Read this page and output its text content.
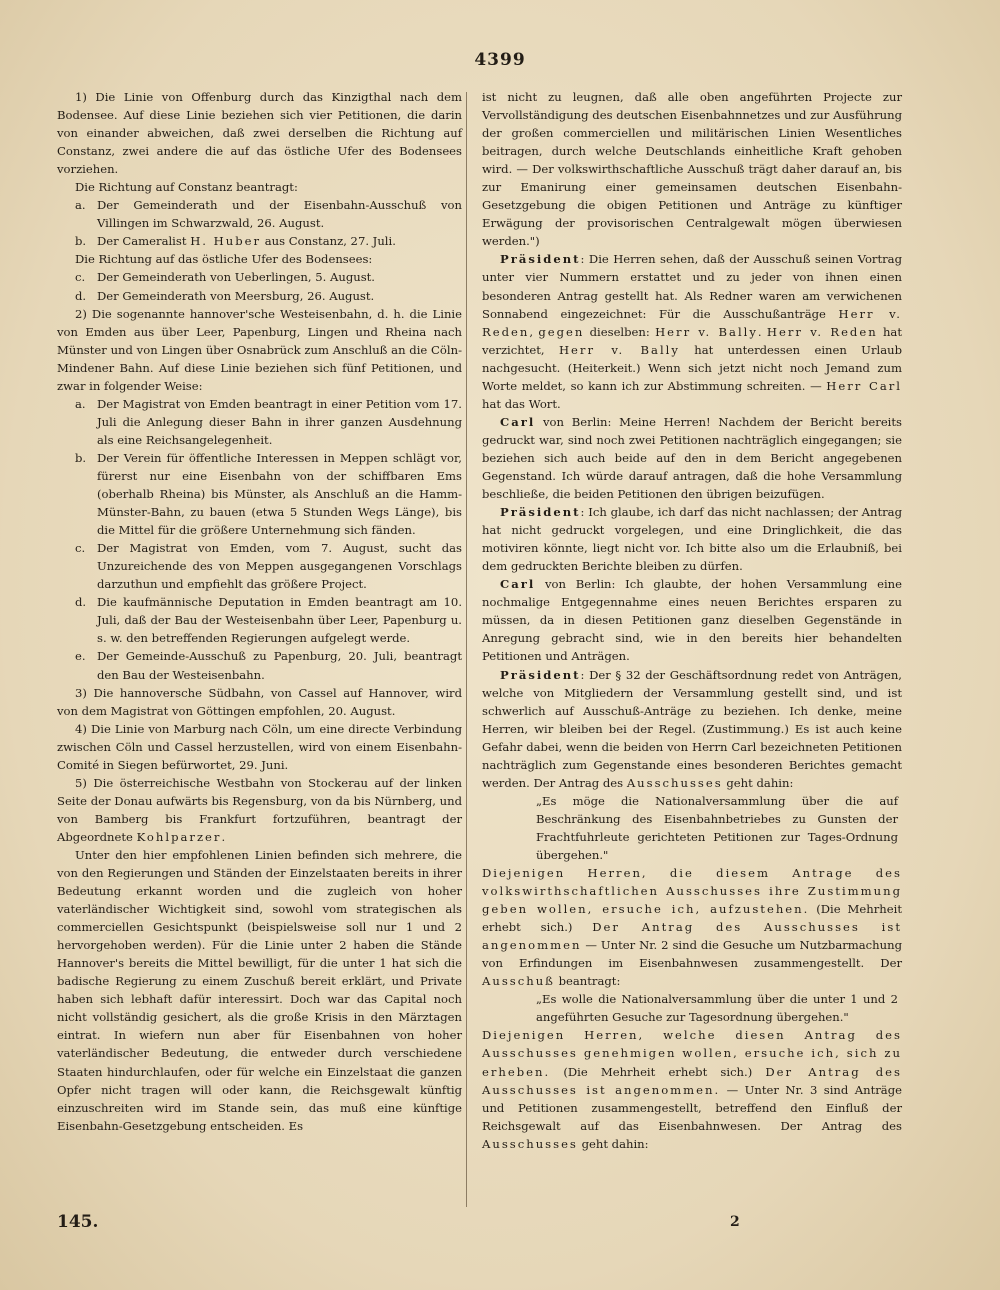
4399

1) Die Linie von Offenburg durch das Kinzigthal nach dem Bodensee. Auf diese Linie beziehen sich vier Petitionen, die darin von einander abweichen, daß zwei derselben die Richtung auf Constanz, zwei andere die auf das östliche Ufer des Bodensees vorziehen.

Die Richtung auf Constanz beantragt:

a. Der Gemeinderath und der Eisenbahn-Ausschuß von Villingen im Schwarzwald, 26. August.
b. Der Cameralist H. Huber aus Constanz, 27. Juli.

Die Richtung auf das östliche Ufer des Bodensees:

c.	Der Gemeinderath von Ueberlingen, 5. August.
d. Der Gemeinderath von Meersburg, 26. August.

2) Die sogenannte hannover'sche Westeisenbahn, d. h. die Linie von Emden aus über Leer, Papenburg, Lingen und Rheina nach Münster und von Lingen über Osnabrück zum Anschluß an die Cöln-Mindener Bahn. Auf diese Linie beziehen sich fünf Petitionen, und zwar in folgender Weise:

a. Der Magistrat von Emden beantragt in einer Petition vom 17. Juli die Anlegung dieser Bahn in ihrer ganzen Ausdehnung als eine Reichsangelegenheit.
b. Der Verein für öffentliche Interessen in Meppen schlägt vor, fürerst nur eine Eisenbahn von der schiffbaren Ems (oberhalb Rheina) bis Münster, als Anschluß an die Hamm-Münster-Bahn, zu bauen (etwa 5 Stunden Wegs Länge), bis die Mittel für die größere Unternehmung sich fänden.
c.	Der Magistrat von Emden, vom 7. August, sucht das Unzureichende des von Meppen ausgegangenen Vorschlags darzuthun und empfiehlt das größere Project.
d. Die kaufmännische Deputation in Emden beantragt am 10. Juli, daß der Bau der Westeisenbahn über Leer, Papenburg u. s. w. den betreffenden Regierungen aufgelegt werde.
e. Der Gemeinde-Ausschuß zu Papenburg, 20. Juli, beantragt den Bau der Westeisenbahn.

3) Die hannoversche Südbahn, von Cassel auf Hannover, wird von dem Magistrat von Göttingen empfohlen, 20. August.

4) Die Linie von Marburg nach Cöln, um eine directe Verbindung zwischen Cöln und Cassel herzustellen, wird von einem Eisenbahn-Comité in Siegen befürwortet, 29. Juni.

5) Die österreichische Westbahn von Stockerau auf der linken Seite der Donau aufwärts bis Regensburg, von da bis Nürnberg, und von Bamberg bis Frankfurt fortzuführen, beantragt der Abgeordnete Kohlparzer.

Unter den hier empfohlenen Linien befinden sich mehrere, die von den Regierungen und Ständen der Einzelstaaten bereits in ihrer Bedeutung erkannt worden und die zugleich von hoher vaterländischer Wichtigkeit sind, sowohl vom strategischen als commerciellen Gesichtspunkt (beispielsweise soll nur 1 und 2 hervorgehoben werden). Für die Linie unter 2 haben die Stände Hannover's bereits die Mittel bewilligt, für die unter 1 hat sich die badische Regierung zu einem Zuschuß bereit erklärt, und Private haben sich lebhaft dafür interessirt. Doch war das Capital noch nicht vollständig gesichert, als die große Krisis in den Märztagen eintrat. In wiefern nun aber für Eisenbahnen von hoher vaterländischer Bedeutung, die entweder durch verschiedene Staaten hindurchlaufen, oder für welche ein Einzelstaat die ganzen Opfer nicht tragen will oder kann, die Reichsgewalt künftig einzuschreiten wird im Stande sein, das muß eine künftige Eisenbahn-Gesetzgebung entscheiden. Es

ist nicht zu leugnen, daß alle oben angeführten Projecte zur Vervollständigung des deutschen Eisenbahnnetzes und zur Ausführung der großen commerciellen und militärischen Linien Wesentliches beitragen, durch welche Deutschlands einheitliche Kraft gehoben wird. — Der volkswirthschaftliche Ausschuß trägt daher darauf an, bis zur Emanirung einer gemeinsamen deutschen Eisenbahn-Gesetzgebung die obigen Petitionen und Anträge zu künftiger Erwägung der provisorischen Centralgewalt mögen überwiesen werden.")

Präsident: Die Herren sehen, daß der Ausschuß seinen Vortrag unter vier Nummern erstattet und zu jeder von ihnen einen besonderen Antrag gestellt hat. Als Redner waren am verwichenen Sonnabend eingezeichnet: Für die Ausschußanträge Herr v. Reden, gegen dieselben: Herr v. Bally. Herr v. Reden hat verzichtet, Herr v. Bally hat unterdessen einen Urlaub nachgesucht. (Heiterkeit.) Wenn sich jetzt nicht noch Jemand zum Worte meldet, so kann ich zur Abstimmung schreiten. — Herr Carl hat das Wort.

Carl von Berlin: Meine Herren! Nachdem der Bericht bereits gedruckt war, sind noch zwei Petitionen nachträglich eingegangen; sie beziehen sich auch beide auf den in dem Bericht angegebenen Gegenstand. Ich würde darauf antragen, daß die hohe Versammlung beschließe, die beiden Petitionen den übrigen beizufügen.

Präsident: Ich glaube, ich darf das nicht nachlassen; der Antrag hat nicht gedruckt vorgelegen, und eine Dringlichkeit, die das motiviren könnte, liegt nicht vor. Ich bitte also um die Erlaubniß, bei dem gedruckten Berichte bleiben zu dürfen.

Carl von Berlin: Ich glaubte, der hohen Versammlung eine nochmalige Entgegennahme eines neuen Berichtes ersparen zu müssen, da in diesen Petitionen ganz dieselben Gegenstände in Anregung gebracht sind, wie in den bereits hier behandelten Petitionen und Anträgen.

Präsident: Der § 32 der Geschäftsordnung redet von Anträgen, welche von Mitgliedern der Versammlung gestellt sind, und ist schwerlich auf Ausschuß-Anträge zu beziehen. Ich denke, meine Herren, wir bleiben bei der Regel. (Zustimmung.) Es ist auch keine Gefahr dabei, wenn die beiden von Herrn Carl bezeichneten Petitionen nachträglich zum Gegenstande eines besonderen Berichtes gemacht werden. Der Antrag des Ausschusses geht dahin:

„Es möge die Nationalversammlung über die auf Beschränkung des Eisenbahnbetriebes zu Gunsten der Frachtfuhrleute gerichteten Petitionen zur Tages-Ordnung übergehen."

Diejenigen Herren, die diesem Antrage des volkswirthschaftlichen Ausschusses ihre Zustimmung geben wollen, ersuche ich, aufzustehen. (Die Mehrheit erhebt sich.) Der Antrag des Ausschusses ist angenommen — Unter Nr. 2 sind die Gesuche um Nutzbarmachung von Erfindungen im Eisenbahnwesen zusammengestellt. Der Ausschuß beantragt:

„Es wolle die Nationalversammlung über die unter 1 und 2 angeführten Gesuche zur Tagesordnung übergehen."

Diejenigen Herren, welche diesen Antrag des Ausschusses genehmigen wollen, ersuche ich, sich zu erheben. (Die Mehrheit erhebt sich.) Der Antrag des Ausschusses ist angenommen. — Unter Nr. 3 sind Anträge und Petitionen zusammengestellt, betreffend den Einfluß der Reichsgewalt auf das Eisenbahnwesen. Der Antrag des Ausschusses geht dahin:

145.	2
